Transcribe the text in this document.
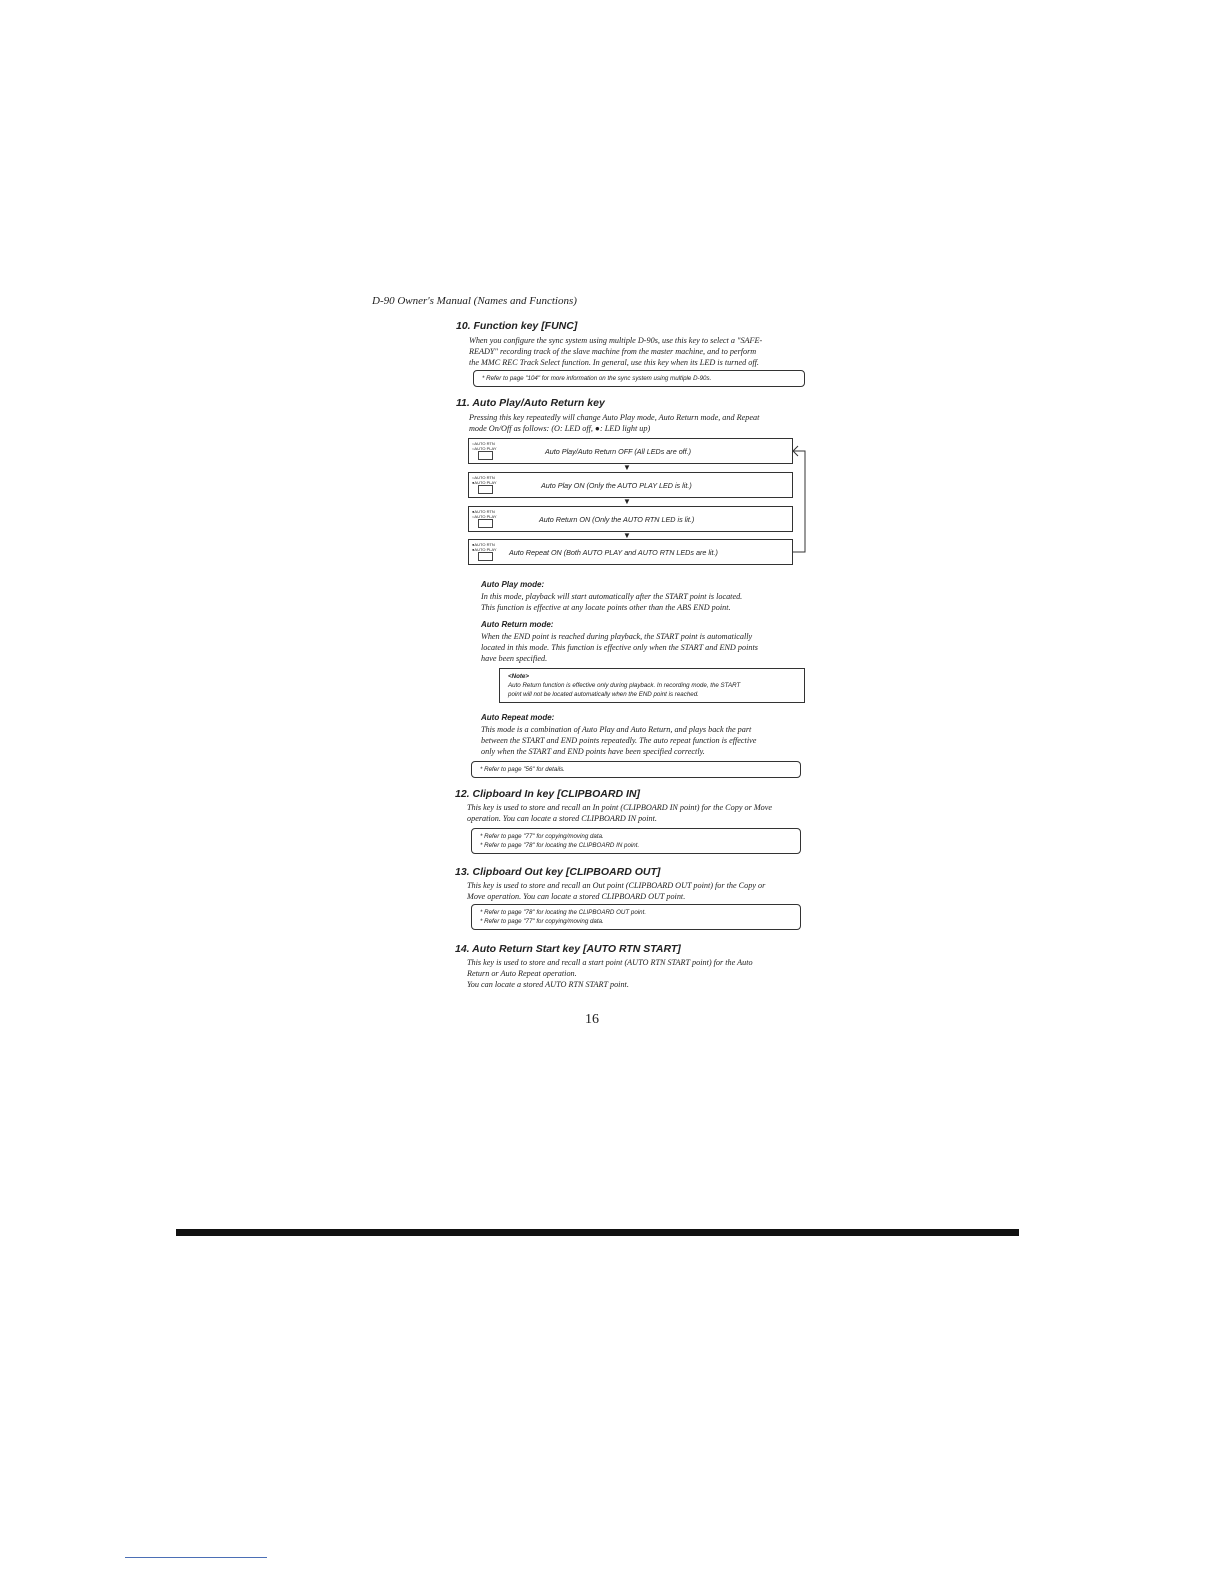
D-90 Owner's Manual (Names and Functions)
10. Function key [FUNC]
When you configure the sync system using multiple D-90s, use this key to select a "SAFE-
READY" recording track of the slave machine from the master machine, and to perform
the MMC REC Track Select function. In general, use this key when its LED is turned off.
* Refer to page "104" for more information on the sync system using multiple D-90s.
11. Auto Play/Auto Return key
Pressing this key repeatedly will change Auto Play mode, Auto Return mode, and Repeat
mode On/Off as follows: (O: LED off, ●: LED light up)
○AUTO RTN
○AUTO PLAY	Auto Play/Auto Return OFF (All LEDs are off.)
▼
○AUTO RTN
●AUTO PLAY	Auto Play ON (Only the AUTO PLAY LED is lit.)
▼
●AUTO RTN
○AUTO PLAY	Auto Return ON (Only the AUTO RTN LED is lit.)
▼
●AUTO RTN
●AUTO PLAY	Auto Repeat ON (Both AUTO PLAY and AUTO RTN LEDs are lit.)
Auto Play mode:
In this mode, playback will start automatically after the START point is located.
This function is effective at any locate points other than the ABS END point.
Auto Return mode:
When the END point is reached during playback, the START point is automatically
located in this mode. This function is effective only when the START and END points
have been specified.
<Note>
Auto Return function is effective only during playback. In recording mode, the START
point will not be located automatically when the END point is reached.
Auto Repeat mode:
This mode is a combination of Auto Play and Auto Return, and plays back the part
between the START and END points repeatedly. The auto repeat function is effective
only when the START and END points have been specified correctly.
* Refer to page "56" for details.
12. Clipboard In key [CLIPBOARD IN]
This key is used to store and recall an In point (CLIPBOARD IN point) for the Copy or Move
operation. You can locate a stored CLIPBOARD IN point.
* Refer to page "77" for copying/moving data.
* Refer to page "78" for locating the CLIPBOARD IN point.
13. Clipboard Out key [CLIPBOARD OUT]
This key is used to store and recall an Out point (CLIPBOARD OUT point) for the Copy or
Move operation. You can locate a stored CLIPBOARD OUT point.
* Refer to page "78" for locating the CLIPBOARD OUT point.
* Refer to page "77" for copying/moving data.
14. Auto Return Start key [AUTO RTN START]
This key is used to store and recall a start point (AUTO RTN START point) for the Auto
Return or Auto Repeat operation.
You can locate a stored AUTO RTN START point.
16
